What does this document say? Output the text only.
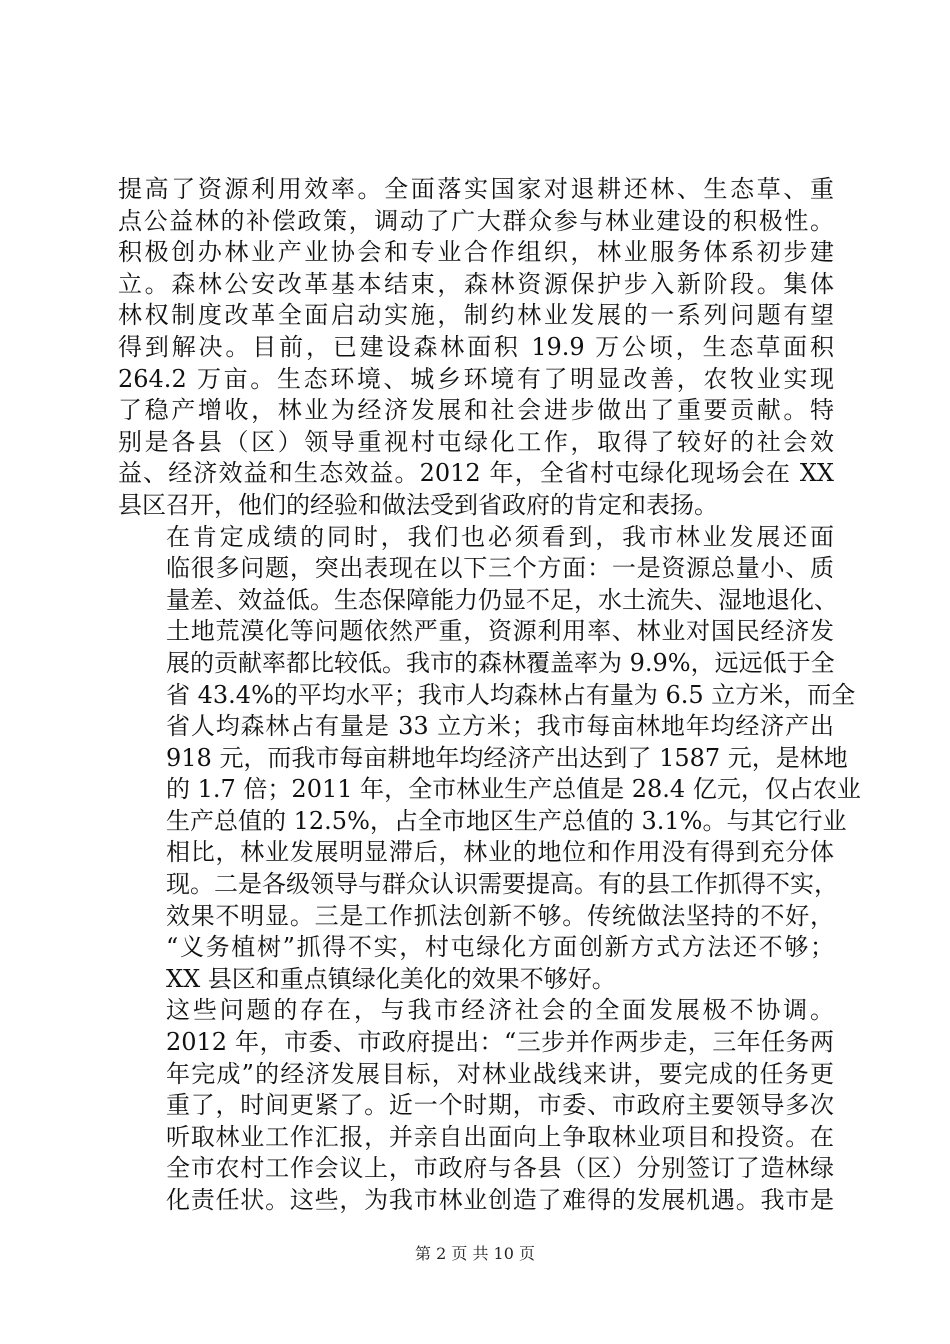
提高了资源利用效率。全面落实国家对退耕还林、生态草、重
点公益林的补偿政策，调动了广大群众参与林业建设的积极性。
积极创办林业产业协会和专业合作组织，林业服务体系初步建
立。森林公安改革基本结束，森林资源保护步入新阶段。集体
林权制度改革全面启动实施，制约林业发展的一系列问题有望
得到解决。目前，已建设森林面积 19.9 万公顷，生态草面积
264.2 万亩。生态环境、城乡环境有了明显改善，农牧业实现
了稳产增收，林业为经济发展和社会进步做出了重要贡献。特
别是各县（区）领导重视村屯绿化工作，取得了较好的社会效
益、经济效益和生态效益。2012 年，全省村屯绿化现场会在 XX
县区召开，他们的经验和做法受到省政府的肯定和表扬。
在肯定成绩的同时，我们也必须看到，我市林业发展还面
临很多问题，突出表现在以下三个方面：一是资源总量小、质
量差、效益低。生态保障能力仍显不足，水土流失、湿地退化、
土地荒漠化等问题依然严重，资源利用率、林业对国民经济发
展的贡献率都比较低。我市的森林覆盖率为 9.9%，远远低于全
省 43.4%的平均水平；我市人均森林占有量为 6.5 立方米，而全
省人均森林占有量是 33 立方米；我市每亩林地年均经济产出
918 元，而我市每亩耕地年均经济产出达到了 1587 元，是林地
的 1.7 倍；2011 年，全市林业生产总值是 28.4 亿元，仅占农业
生产总值的 12.5%，占全市地区生产总值的 3.1%。与其它行业
相比，林业发展明显滞后，林业的地位和作用没有得到充分体
现。二是各级领导与群众认识需要提高。有的县工作抓得不实，
效果不明显。三是工作抓法创新不够。传统做法坚持的不好，
“义务植树”抓得不实，村屯绿化方面创新方式方法还不够；
XX 县区和重点镇绿化美化的效果不够好。
这些问题的存在，与我市经济社会的全面发展极不协调。
2012 年，市委、市政府提出：“三步并作两步走，三年任务两
年完成”的经济发展目标，对林业战线来讲，要完成的任务更
重了，时间更紧了。近一个时期，市委、市政府主要领导多次
听取林业工作汇报，并亲自出面向上争取林业项目和投资。在
全市农村工作会议上，市政府与各县（区）分别签订了造林绿
化责任状。这些，为我市林业创造了难得的发展机遇。我市是
第 2 页 共 10 页
